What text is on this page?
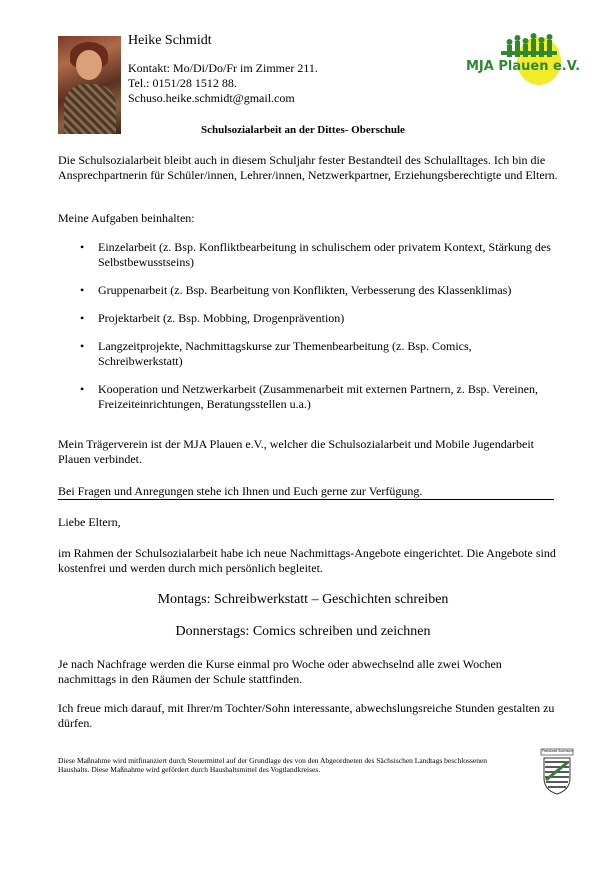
Heike Schmidt
Kontakt: Mo/Di/Do/Fr im Zimmer 211.
Tel.: 0151/28 1512 88.
Schuso.heike.schmidt@gmail.com
MJA Plauen e.V.
Schulsozialarbeit an der Dittes- Oberschule
Die Schulsozialarbeit bleibt auch in diesem Schuljahr fester Bestandteil des Schulalltages. Ich bin die Ansprechpartnerin für Schüler/innen, Lehrer/innen, Netzwerkpartner, Erziehungsberechtigte und Eltern.
Meine Aufgaben beinhalten:
• Einzelarbeit (z. Bsp. Konfliktbearbeitung in schulischem oder privatem Kontext, Stärkung des Selbstbewusstseins)
• Gruppenarbeit (z. Bsp. Bearbeitung von Konflikten, Verbesserung des Klassenklimas)
• Projektarbeit (z. Bsp. Mobbing, Drogenprävention)
• Langzeitprojekte, Nachmittagskurse zur Themenbearbeitung (z. Bsp. Comics, Schreibwerkstatt)
• Kooperation und Netzwerkarbeit (Zusammenarbeit mit externen Partnern, z. Bsp. Vereinen, Freizeiteinrichtungen, Beratungsstellen u.a.)
Mein Trägerverein ist der MJA Plauen e.V., welcher die Schulsozialarbeit und Mobile Jugendarbeit Plauen verbindet.
Bei Fragen und Anregungen stehe ich Ihnen und Euch gerne zur Verfügung.
Liebe Eltern,
im Rahmen der Schulsozialarbeit habe ich neue Nachmittags-Angebote eingerichtet. Die Angebote sind kostenfrei und werden durch mich persönlich begleitet.
Montags: Schreibwerkstatt – Geschichten schreiben
Donnerstags: Comics schreiben und zeichnen
Je nach Nachfrage werden die Kurse einmal pro Woche oder abwechselnd alle zwei Wochen nachmittags in den Räumen der Schule stattfinden.
Ich freue mich darauf, mit Ihrer/m Tochter/Sohn interessante, abwechslungsreiche Stunden gestalten zu dürfen.
Diese Maßnahme wird mitfinanziert durch Steuermittel auf der Grundlage des von den Abgeordneten des Sächsischen Landtags beschlossenen Haushalts. Diese Maßnahme wird gefördert durch Haushaltsmittel des Vogtlandkreises.
Freistaat Sachsen
